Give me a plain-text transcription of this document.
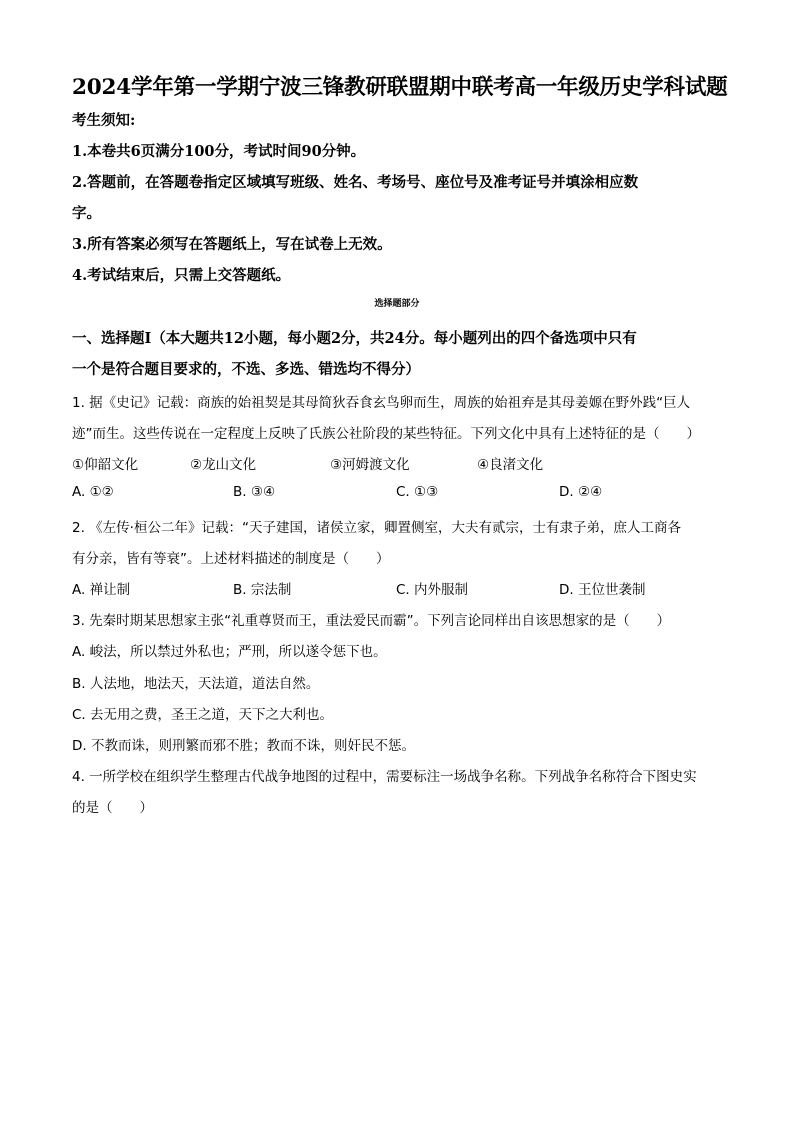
2024学年第一学期宁波三锋教研联盟期中联考高一年级历史学科试题
考生须知:
1.本卷共6页满分100分，考试时间90分钟。
2.答题前，在答题卷指定区域填写班级、姓名、考场号、座位号及准考证号并填涂相应数
字。
3.所有答案必须写在答题纸上，写在试卷上无效。
4.考试结束后，只需上交答题纸。
选择题部分
一、选择题Ⅰ（本大题共12小题，每小题2分，共24分。每小题列出的四个备选项中只有
一个是符合题目要求的，不选、多选、错选均不得分）
1. 据《史记》记载：商族的始祖契是其母简狄吞食玄鸟卵而生，周族的始祖弃是其母姜嫄在野外践“巨人
迹”而生。这些传说在一定程度上反映了氏族公社阶段的某些特征。下列文化中具有上述特征的是（　　）
①仰韶文化	②龙山文化	③河姆渡文化	④良渚文化
A. ①②	B. ③④	C. ①③	D. ②④
2. 《左传·桓公二年》记载：“天子建国，诸侯立家，卿置侧室，大夫有贰宗，士有隶子弟，庶人工商各
有分亲，皆有等衰”。上述材料描述的制度是（　　）
A. 禅让制	B. 宗法制	C. 内外服制	D. 王位世袭制
3. 先秦时期某思想家主张“礼重尊贤而王，重法爱民而霸”。下列言论同样出自该思想家的是（　　）
A. 峻法，所以禁过外私也；严刑，所以遂令惩下也。
B. 人法地，地法天，天法道，道法自然。
C. 去无用之费，圣王之道，天下之大利也。
D. 不教而诛，则刑繁而邪不胜；教而不诛，则奸民不惩。
4. 一所学校在组织学生整理古代战争地图的过程中，需要标注一场战争名称。下列战争名称符合下图史实
的是（　　）
